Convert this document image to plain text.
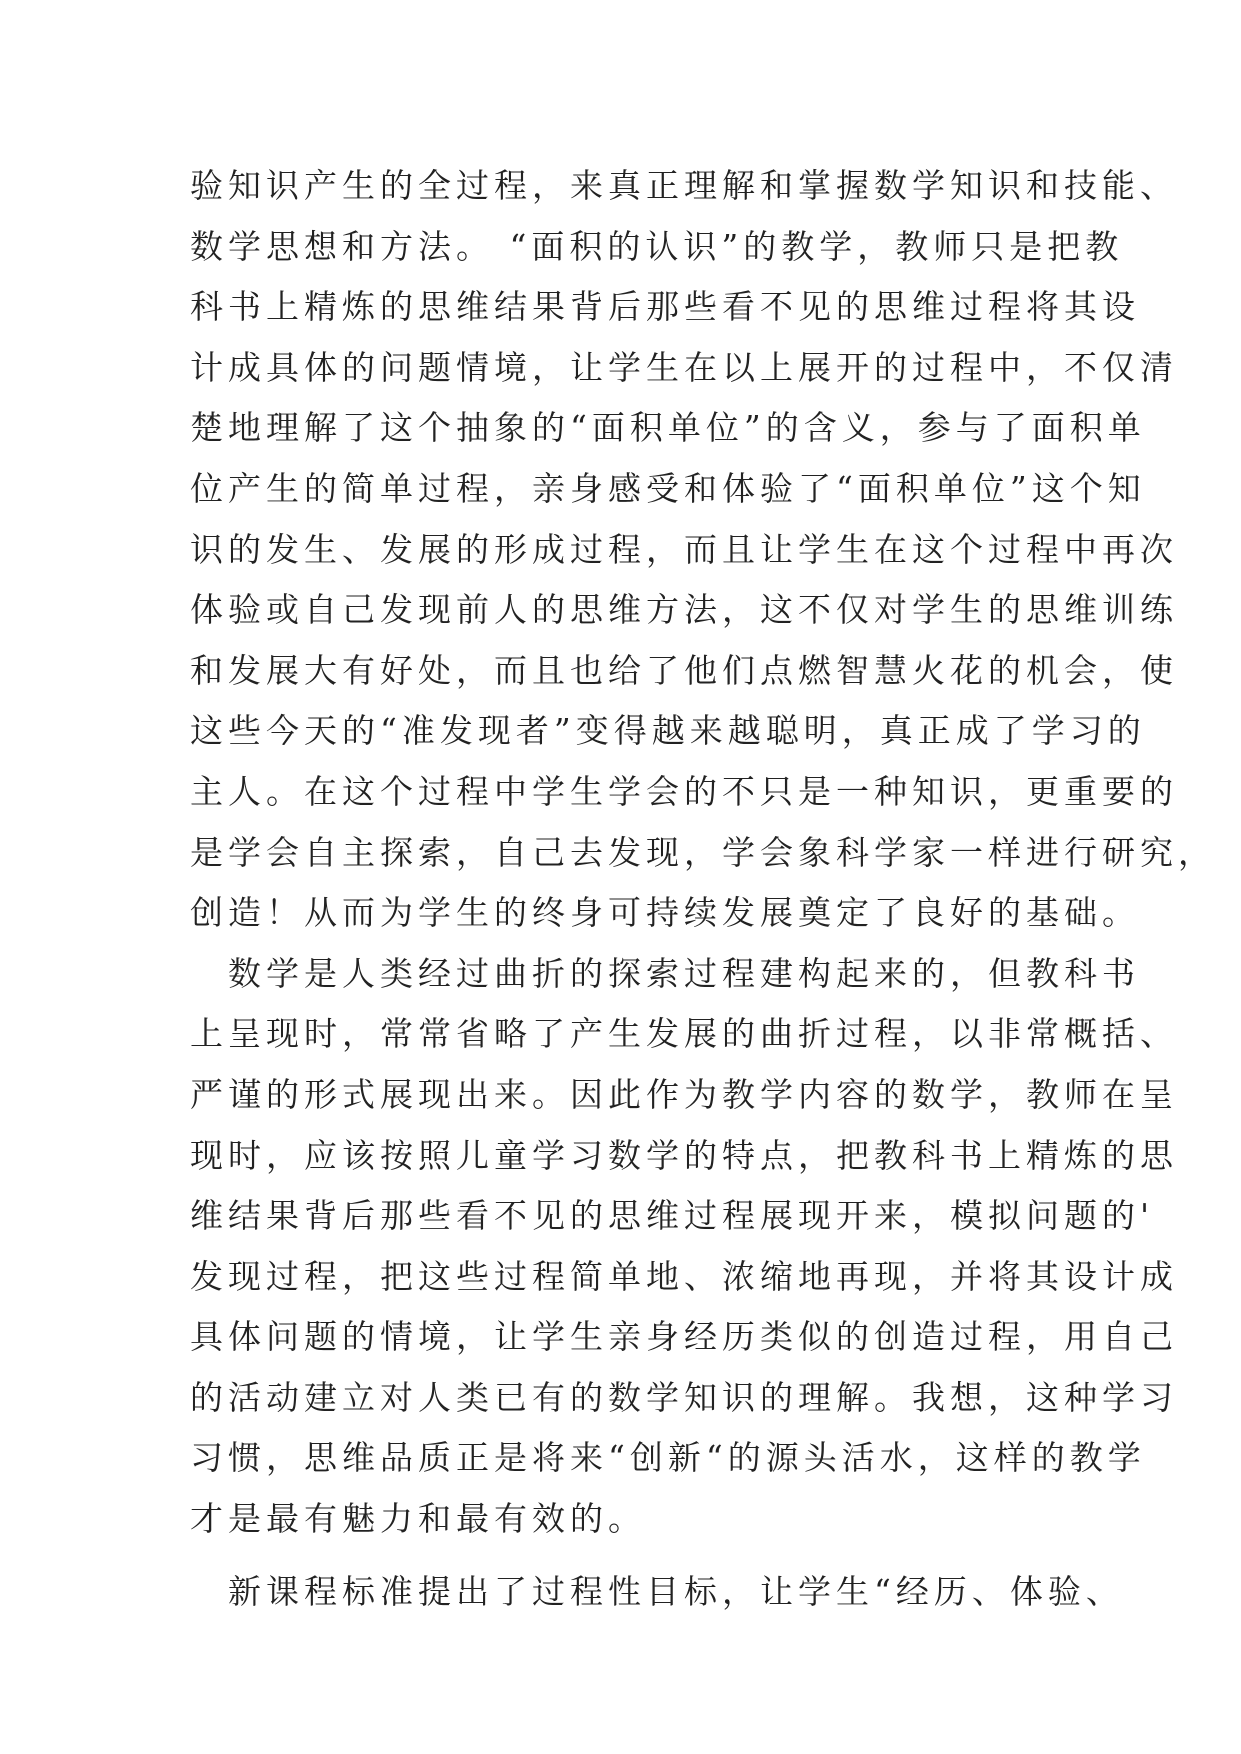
验知识产生的全过程，来真正理解和掌握数学知识和技能、
数学思想和方法。 “面积的认识”的教学，教师只是把教
科书上精炼的思维结果背后那些看不见的思维过程将其设
计成具体的问题情境，让学生在以上展开的过程中，不仅清
楚地理解了这个抽象的“面积单位”的含义，参与了面积单
位产生的简单过程，亲身感受和体验了“面积单位”这个知
识的发生、发展的形成过程，而且让学生在这个过程中再次
体验或自己发现前人的思维方法，这不仅对学生的思维训练
和发展大有好处，而且也给了他们点燃智慧火花的机会，使
这些今天的“准发现者”变得越来越聪明，真正成了学习的
主人。在这个过程中学生学会的不只是一种知识，更重要的
是学会自主探索，自己去发现，学会象科学家一样进行研究，
创造！从而为学生的终身可持续发展奠定了良好的基础。
　数学是人类经过曲折的探索过程建构起来的，但教科书
上呈现时，常常省略了产生发展的曲折过程，以非常概括、
严谨的形式展现出来。因此作为教学内容的数学，教师在呈
现时，应该按照儿童学习数学的特点，把教科书上精炼的思
维结果背后那些看不见的思维过程展现开来，模拟问题的'
发现过程，把这些过程简单地、浓缩地再现，并将其设计成
具体问题的情境，让学生亲身经历类似的创造过程，用自己
的活动建立对人类已有的数学知识的理解。我想，这种学习
习惯，思维品质正是将来“创新“的源头活水，这样的教学
才是最有魅力和最有效的。
　新课程标准提出了过程性目标，让学生“经历、体验、
